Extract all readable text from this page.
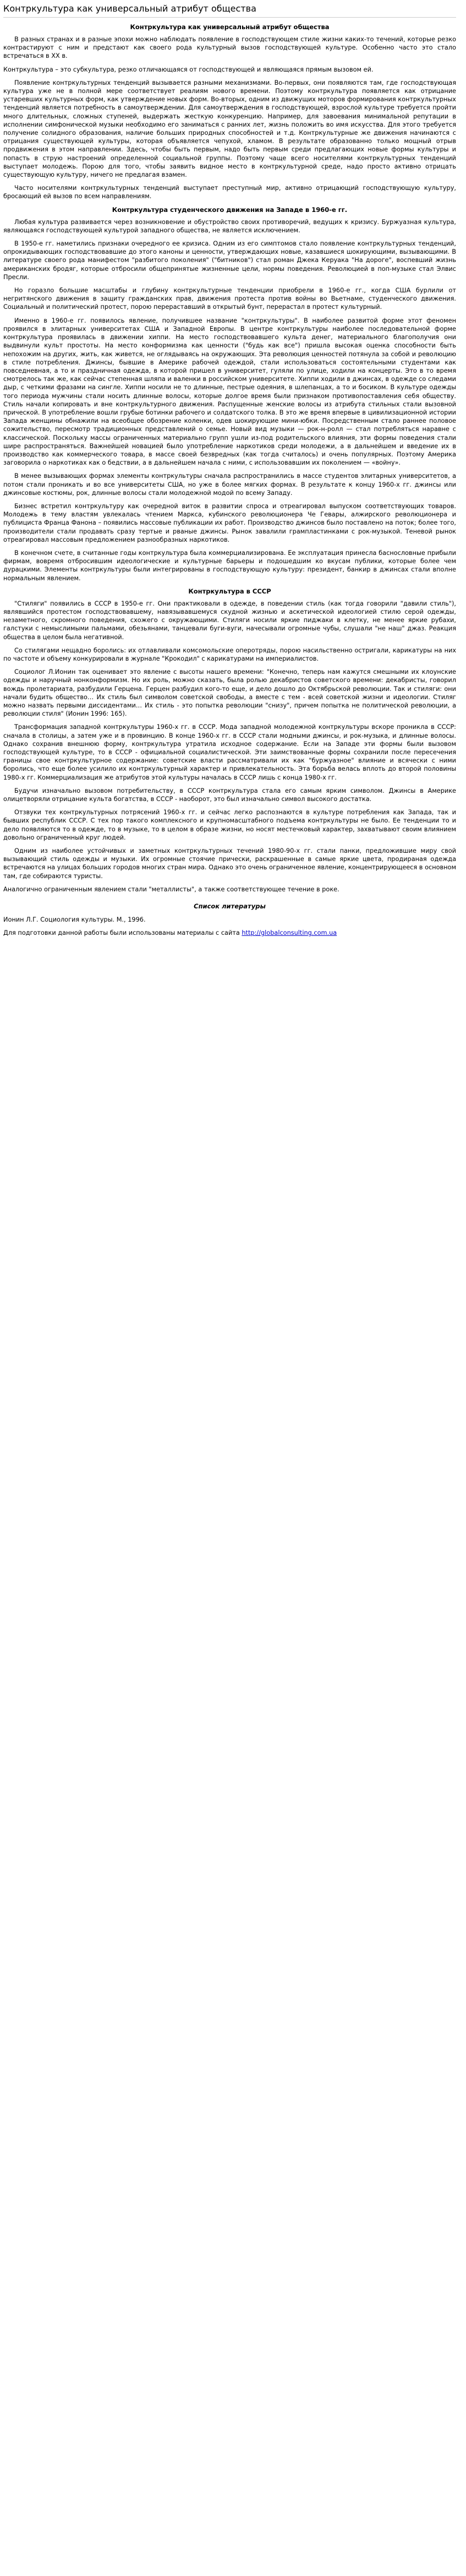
Контркультура как универсальный атрибут общества
Контркультура как универсальный атрибут общества

В разных странах и в разные эпохи можно наблюдать появление в господствующем стиле жизни каких-то течений, которые резко контрастируют с ним и предстают как своего рода культурный вызов господствующей культуре. Особенно часто это стало встречаться в XX в.

Контркультура – это субкультура, резко отличающаяся от господствующей и являющаяся прямым вызовом ей.

Появление контркультурных тенденций вызывается разными механизмами. Во-первых, они появляются там, где господствующая культура уже не в полной мере соответствует реалиям нового времени. Поэтому контркультура появляется как отрицание устаревших культурных форм, как утверждение новых форм. Во-вторых, одним из движущих моторов формирования контркультурных тенденций является потребность в самоутверждении. Для самоутверждения в господствующей, взрослой культуре требуется пройти много длительных, сложных ступеней, выдержать жесткую конкуренцию. Например, для завоевания минимальной репутации в исполнении симфонической музыки необходимо его заниматься с ранних лет, жизнь положить во имя искусства. Для этого требуется получение солидного образования, наличие больших природных способностей и т.д. Контркультурные же движения начинаются с отрицания существующей культуры, которая объявляется чепухой, хламом. В результате образованно только мощный отрыв продвижения в этом направлении. Здесь, чтобы быть первым, надо быть первым среди предлагающих новые формы культуры и попасть в струю настроений определенной социальной группы. Поэтому чаще всего носителями контркультурных тенденций выступает молодежь. Порою для того, чтобы заявить видное место в контркультурной среде, надо просто активно отрицать существующую культуру, ничего не предлагая взамен.

Часто носителями контркультурных тенденций выступает преступный мир, активно отрицающий господствующую культуру, бросающий ей вызов по всем направлениям.

Контркультура студенческого движения на Западе в 1960-е гг.

Любая культура развивается через возникновение и обустройство своих противоречий, ведущих к кризису. Буржуазная культура, являющаяся господствующей культурой западного общества, не является исключением.

В 1950-е гг. наметились признаки очередного ее кризиса. Одним из его симптомов стало появление контркультурных тенденций, опрокидывающих господствовавшие до этого каноны и ценности, утверждающих новые, казавшиеся шокирующими, вызывающими. В литературе своего рода манифестом "разбитого поколения" ("битников") стал роман Джека Керуака "На дороге", воспевший жизнь американских бродяг, которые отбросили общепринятые жизненные цели, нормы поведения. Революцией в поп-музыке стал Элвис Пресли.

Но горазло большие масштабы и глубину контркультурные тенденции приобрели в 1960-е гг., когда США бурлили от негритянского движения в защиту гражданских прав, движения протеста против войны во Вьетнаме, студенческого движения. Социальный и политический протест, порою перераставший в открытый бунт, перерастал в протест культурный.

Именно в 1960-е гг. появилось явление, получившее название "контркультуры". В наиболее развитой форме этот феномен проявился в элитарных университетах США и Западной Европы. В центре контркультуры наиболее последовательной форме контркультура проявилась в движении хиппи. На место господствовавшего культа денег, материального благополучия они выдвинули культ простоты. На место конформизма как ценности ("будь как все") пришла высокая оценка способности быть непохожим на других, жить, как живется, не оглядываясь на окружающих. Эта революция ценностей потянула за собой и революцию в стиле потребления. Джинсы, бывшие в Америке рабочей одеждой, стали использоваться состоятельными студентами как повседневная, а то и праздничная одежда, в которой пришел в университет, гуляли по улице, ходили на концерты. Это в то время смотрелось так же, как сейчас степенная шляпа и валенки в российском университете. Хиппи ходили в джинсах, в одежде со следами дыр, с четкими фразами на сингле. Хиппи носили не то длинные, пестрые одеяния, в шлепанцах, а то и босиком. В культуре одежды того периода мужчины стали носить длинные волосы, которые долгое время были признаком противопоставления себя обществу. Стиль начали копировать и вне контркультурного движения. Распущенные женские волосы из атрибута стильных стали вызовной прической. В употребление вошли грубые ботинки рабочего и солдатского толка. В это же время впервые в цивилизационной истории Запада женщины обнажили на всеобщее обозрение коленки, одев шокирующие мини-юбки. Посредственным стало раннее половое сожительство, пересмотр традиционных представлений о семье. Новый вид музыки — рок-н-ролл — стал потребляться наравне с классической. Поскольку массы ограниченных материально групп ушли из-под родительского влияния, эти формы поведения стали шире распространяться. Важнейшей новацией было употребление наркотиков среди молодежи, а в дальнейшем и введение их в производство как коммерческого товара, в массе своей безвредных (как тогда считалось) и очень популярных. Поэтому Америка заговорила о наркотиках как о бедствии, а в дальнейшем начала с ними, с использовавшим их поколением — «войну».

В менее вызывающих формах элементы контркультуры сначала распространились в массе студентов элитарных университетов, а потом стали проникать и во все университеты США, но уже в более мягких формах. В результате к концу 1960-х гг. джинсы или джинсовые костюмы, рок, длинные волосы стали молодежной модой по всему Западу.

Бизнес встретил контркультуру как очередной виток в развитии спроса и отреагировал выпуском соответствующих товаров. Молодежь в тему властям увлекалась чтением Маркса, кубинского революционера Че Гевары, алжирского революционера и публициста Франца Фанона – появились массовые публикации их работ. Производство джинсов было поставлено на поток; более того, производители стали продавать сразу тертые и рваные джинсы. Рынок завалили грампластинками с рок-музыкой. Теневой рынок отреагировал массовым предложением разнообразных наркотиков.

В конечном счете, в считанные годы контркультура была коммерциализирована. Ее эксплуатация принесла баснословные прибыли фирмам, вовремя отбросившим идеологические и культурные барьеры и подошедшим ко вкусам публики, которые более чем дурацкими. Элементы контркультуры были интегрированы в господствующую культуру: президент, банкир в джинсах стали вполне нормальным явлением.

Контркультура в СССР

"Стиляги" появились в СССР в 1950-е гг. Они практиковали в одежде, в поведении стиль (как тогда говорили "давили стиль"), являвшийся протестом господствовавшему, навязывавшемуся скудной жизнью и аскетической идеологией стилю серой одежды, незаметного, скромного поведения, схожего с окружающими. Стиляги носили яркие пиджаки в клетку, не менее яркие рубахи, галстуки с немыслимыми пальмами, обезьянами, танцевали буги-вуги, начесывали огромные чубы, слушали "не наш" джаз. Реакция общества в целом была негативной.

Со стилягами нещадно боролись: их отлавливали комсомольские оперотряды, порою насильственно остригали, карикатуры на них по частоте и объему конкурировали в журнале "Крокодил" с карикатурами на империалистов.

Социолог Л.Ионин так оценивает это явление с высоты нашего времени: "Конечно, теперь нам кажутся смешными их клоунские одежды и наручный нонконформизм. Но их роль, можно сказать, была ролью декабристов советского времени: декабристы, говорил вождь пролетариата, разбудили Герцена. Герцен разбудил кого-то еще, и дело дошло до Октябрьской революции. Так и стиляги: они начали будить общество… Их стиль был символом советской свободы, а вместе с тем - всей советской жизни и идеологии. Стиляг можно назвать первыми диссидентами… Их стиль - это попытка революции "снизу", причем попытка не политической революции, а революции стиля" (Ионин 1996: 165).

Трансформация западной контркультуры 1960-х гг. в СССР. Мода западной молодежной контркультуры вскоре проникла в СССР: сначала в столицы, а затем уже и в провинцию. В конце 1960-х гг. в СССР стали модными джинсы, и рок-музыка, и длинные волосы. Однако сохранив внешнюю форму, контркультура утратила исходное содержание. Если на Западе эти формы были вызовом господствующей культуре, то в СССР - официальной социалистической. Эти заимствованные формы сохранили после пересечения границы свое контркультурное содержание: советские власти рассматривали их как "буржуазное" влияние и всячески с ними боролись, что еще более усилило их контркультурный характер и привлекательность. Эта борьба велась вплоть до второй половины 1980-х гг. Коммерциализация же атрибутов этой культуры началась в СССР лишь с конца 1980-х гг.

Будучи изначально вызовом потребительству, в СССР контркультура стала его самым ярким символом. Джинсы в Америке олицетворяли отрицание культа богатства, в СССР - наоборот, это был изначально символ высокого достатка.

Отзвуки тех контркультурных потрясений 1960-х гг. и сейчас легко распознаются в культуре потребления как Запада, так и бывших республик СССР. С тех пор такого комплексного и крупномасштабного подъема контркультуры не было. Ее тенденции то и дело появляются то в одежде, то в музыке, то в целом в образе жизни, но носят местечковый характер, захватывают своим влиянием довольно ограниченный круг людей.

Одним из наиболее устойчивых и заметных контркультурных течений 1980-90-х гг. стали панки, предложившие миру свой вызывающий стиль одежды и музыки. Их огромные стоячие прически, раскрашенные в самые яркие цвета, продираная одежда встречаются на улицах больших городов многих стран мира. Однако это очень ограниченное явление, концентрирующееся в основном там, где собираются туристы.

Аналогично ограниченным явлением стали "металлисты", а также соответствующее течение в роке.

Список литературы

Ионин Л.Г. Социология культуры. М., 1996.

Для подготовки данной работы были использованы материалы с сайта http://globalconsulting.com.ua
